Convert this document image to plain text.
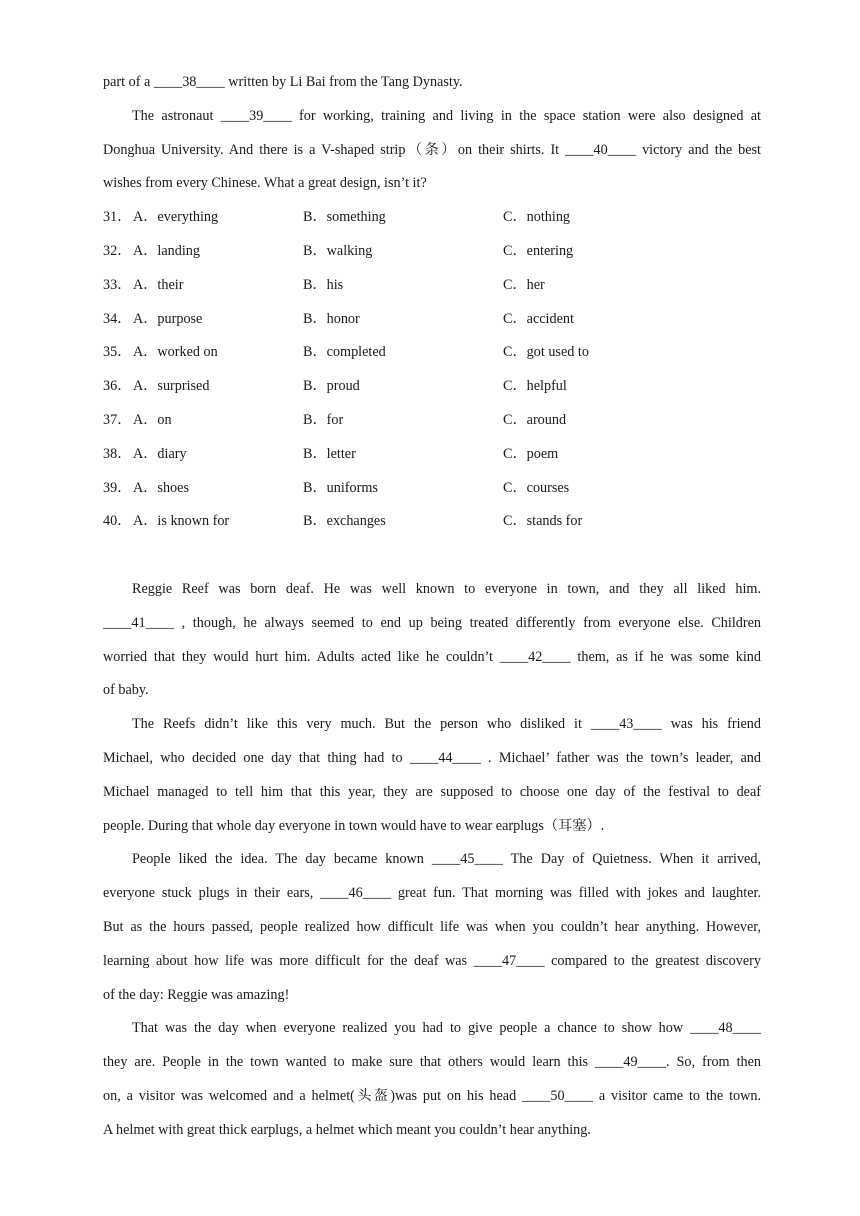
part of a ____38____ written by Li Bai from the Tang Dynasty.
The astronaut ____39____ for working, training and living in the space station were also designed at
Donghua University. And there is a V-shaped strip（条）on their shirts. It ____40____ victory and the best
wishes from every Chinese. What a great design, isn’t it?
31． A．everything	B．something	C．nothing
32． A．landing	B．walking	C．entering
33． A．their	B．his	C．her
34． A．purpose	B．honor	C．accident
35． A．worked on	B．completed	C．got used to
36． A．surprised	B．proud	C．helpful
37． A．on	B．for	C．around
38． A．diary	B．letter	C．poem
39． A．shoes	B．uniforms	C．courses
40． A．is known for	B．exchanges	C．stands for
Reggie Reef was born deaf. He was well known to everyone in town, and they all liked him.
____41____ , though, he always seemed to end up being treated differently from everyone else. Children
worried that they would hurt him. Adults acted like he couldn’t ____42____ them, as if he was some kind
of baby.
The Reefs didn’t like this very much. But the person who disliked it ____43____ was his friend
Michael, who decided one day that thing had to ____44____ . Michael’ father was the town’s leader, and
Michael managed to tell him that this year, they are supposed to choose one day of the festival to deaf
people. During that whole day everyone in town would have to wear earplugs（耳塞）.
People liked the idea. The day became known ____45____ The Day of Quietness. When it arrived,
everyone stuck plugs in their ears, ____46____ great fun. That morning was filled with jokes and laughter.
But as the hours passed, people realized how difficult life was when you couldn’t hear anything. However,
learning about how life was more difficult for the deaf was ____47____ compared to the greatest discovery
of the day: Reggie was amazing!
That was the day when everyone realized you had to give people a chance to show how ____48____
they are. People in the town wanted to make sure that others would learn this ____49____. So, from then
on, a visitor was welcomed and a helmet(头盔)was put on his head ____50____ a visitor came to the town.
A helmet with great thick earplugs, a helmet which meant you couldn’t hear anything.
